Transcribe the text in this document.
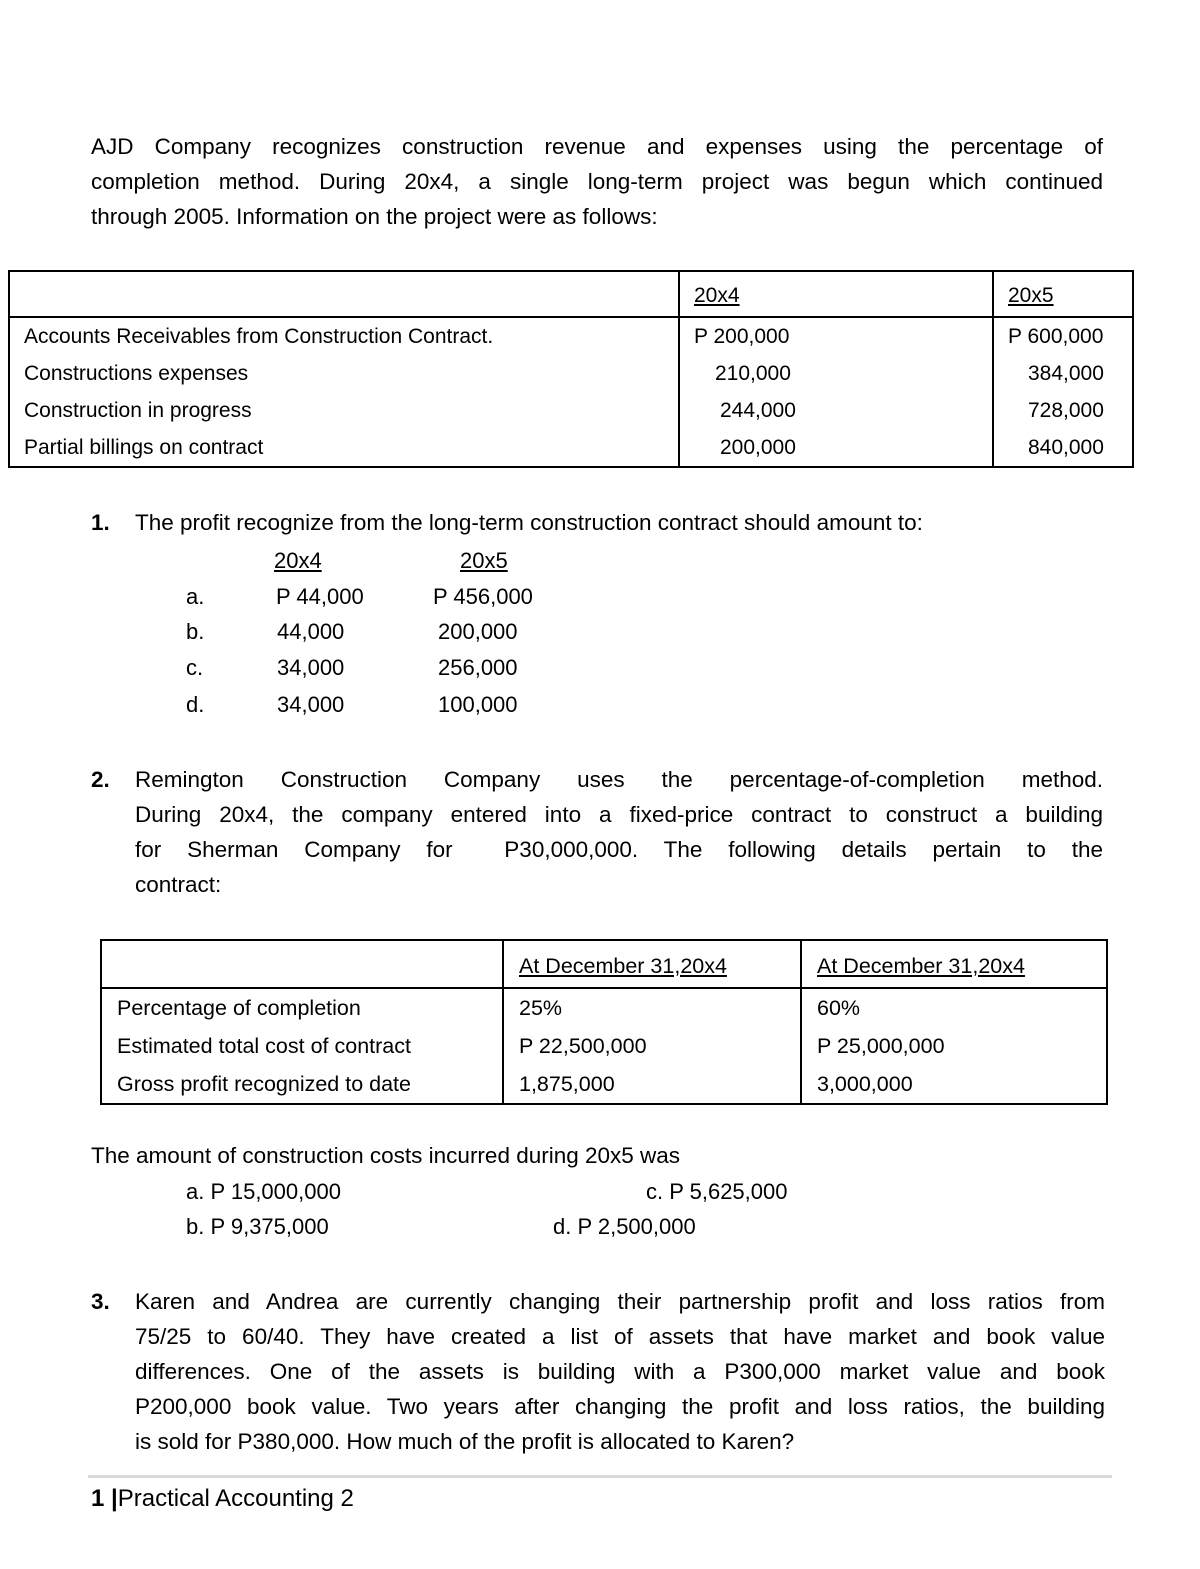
AJD Company recognizes construction revenue and expenses using the percentage of
completion method. During 20x4, a single long-term project was begun which continued
through 2005. Information on the project were as follows:
	20x4	20x5
Accounts Receivables from Construction Contract.	P 200,000	P 600,000
Constructions expenses	210,000	384,000
Construction in progress	244,000	728,000
Partial billings on contract	200,000	840,000
1. The profit recognize from the long-term construction contract should amount to:
20x4	20x5
a.	P 44,000	P 456,000
b.	44,000	200,000
c.	34,000	256,000
d.	34,000	100,000
2. Remington Construction Company uses the percentage-of-completion method.
During 20x4, the company entered into a fixed-price contract to construct a building
for Sherman Company for  P30,000,000. The following details pertain to the
contract:
	At December 31,20x4	At December 31,20x4
Percentage of completion	25%	60%
Estimated total cost of contract	P 22,500,000	P 25,000,000
Gross profit recognized to date	1,875,000	3,000,000
The amount of construction costs incurred during 20x5 was
a. P 15,000,000	c. P 5,625,000
b. P 9,375,000	d. P 2,500,000
3. Karen and Andrea are currently changing their partnership profit and loss ratios from
75/25 to 60/40. They have created a list of assets that have market and book value
differences. One of the assets is building with a P300,000 market value and book
P200,000 book value. Two years after changing the profit and loss ratios, the building
is sold for P380,000. How much of the profit is allocated to Karen?
1 |Practical Accounting 2
